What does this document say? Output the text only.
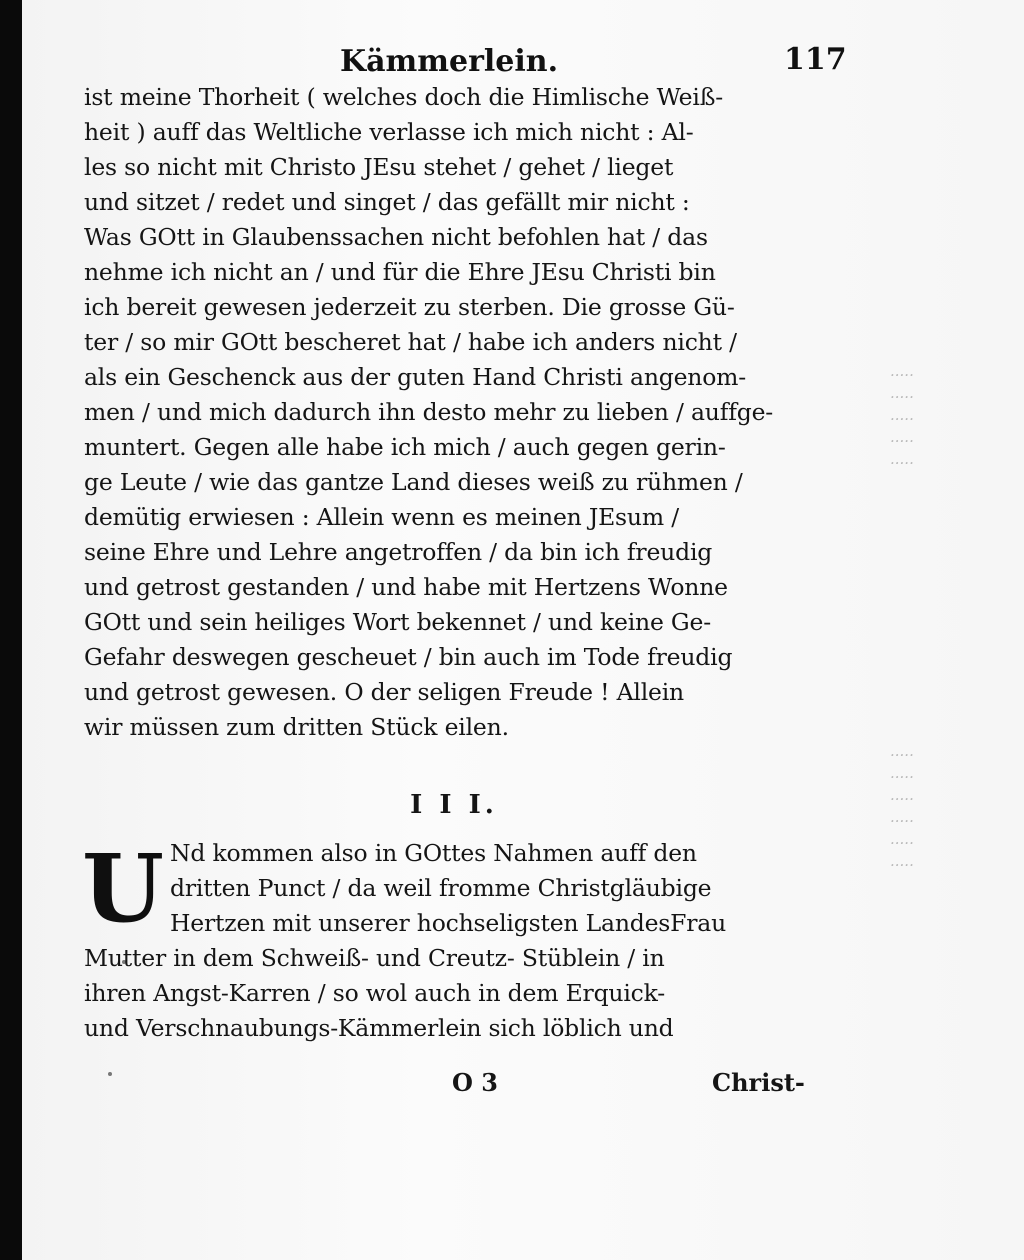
.....
.....
.....
.....
.....
.....
.....
.....
.....
.....
.....
Kämmerlein.	117
ist meine Thorheit ( welches doch die Himlische Weiß-
heit ) auff das Weltliche verlasse ich mich nicht : Al-
les so nicht mit Christo JEsu stehet / gehet / lieget
und sitzet / redet und singet / das gefällt mir nicht :
Was GOtt in Glaubenssachen nicht befohlen hat / das
nehme ich nicht an / und für die Ehre JEsu Christi bin
ich bereit gewesen jederzeit zu sterben. Die grosse Gü-
ter / so mir GOtt bescheret hat / habe ich anders nicht /
als ein Geschenck aus der guten Hand Christi angenom-
men / und mich dadurch ihn desto mehr zu lieben / auffge-
muntert. Gegen alle habe ich mich / auch gegen gerin-
ge Leute / wie das gantze Land dieses weiß zu rühmen /
demütig erwiesen : Allein wenn es meinen JEsum /
seine Ehre und Lehre angetroffen / da bin ich freudig
und getrost gestanden / und habe mit Hertzens Wonne
GOtt und sein heiliges Wort bekennet / und keine Ge-
Gefahr deswegen gescheuet / bin auch im Tode freudig
und getrost gewesen. O der seligen Freude ! Allein
wir müssen zum dritten Stück eilen.
I I I.
U Nd kommen also in GOttes Nahmen auff den
dritten Punct / da weil fromme Christgläubige
Hertzen mit unserer hochseligsten LandesFrau
Mutter in dem Schweiß- und Creutz- Stüblein / in
ihren Angst-Karren / so wol auch in dem Erquick-
und Verschnaubungs-Kämmerlein sich löblich und
O 3	Christ-
